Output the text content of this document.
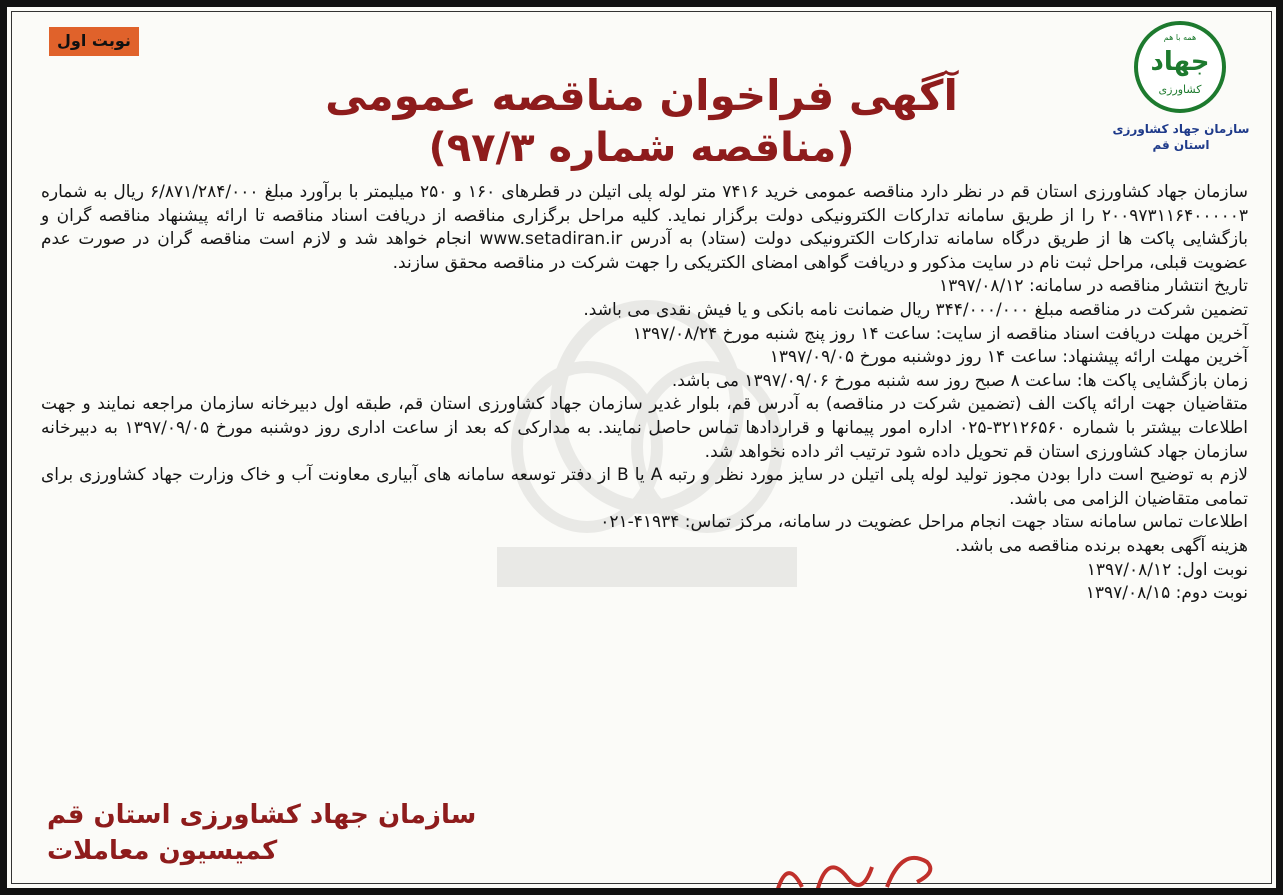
نوبت اول	همه با هم
جهاد
کشاورزی
سازمان جهاد کشاورزی
استان قم
آگهی فراخوان مناقصه عمومی
(مناقصه شماره ۹۷/۳)

سازمان جهاد کشاورزی استان قم در نظر دارد مناقصه عمومی خرید ۷۴۱۶ متر لوله پلی اتیلن در قطرهای ۱۶۰ و ۲۵۰ میلیمتر با برآورد مبلغ ۶/۸۷۱/۲۸۴/۰۰۰ ریال به شماره ۲۰۰۹۷۳۱۱۶۴۰۰۰۰۰۳ را از طریق سامانه تدارکات الکترونیکی دولت برگزار نماید. کلیه مراحل برگزاری مناقصه از دریافت اسناد مناقصه تا ارائه پیشنهاد مناقصه گران و بازگشایی پاکت ها از طریق درگاه سامانه تدارکات الکترونیکی دولت (ستاد) به آدرس www.setadiran.ir انجام خواهد شد و لازم است مناقصه گران در صورت عدم عضویت قبلی، مراحل ثبت نام در سایت مذکور و دریافت گواهی امضای الکتریکی را جهت شرکت در مناقصه محقق سازند.

تاریخ انتشار مناقصه در سامانه: ۱۳۹۷/۰۸/۱۲

تضمین شرکت در مناقصه مبلغ ۳۴۴/۰۰۰/۰۰۰ ریال ضمانت نامه بانکی و یا فیش نقدی می باشد.

آخرین مهلت دریافت اسناد مناقصه از سایت: ساعت ۱۴ روز پنج شنبه مورخ ۱۳۹۷/۰۸/۲۴

آخرین مهلت ارائه پیشنهاد: ساعت ۱۴ روز دوشنبه مورخ ۱۳۹۷/۰۹/۰۵

زمان بازگشایی پاکت ها: ساعت ۸ صبح روز سه شنبه مورخ ۱۳۹۷/۰۹/۰۶ می باشد.

متقاضیان جهت ارائه پاکت الف (تضمین شرکت در مناقصه) به آدرس قم، بلوار غدیر سازمان جهاد کشاورزی استان قم، طبقه اول دبیرخانه سازمان مراجعه نمایند و جهت اطلاعات بیشتر با شماره ۳۲۱۲۶۵۶۰-۰۲۵ اداره امور پیمانها و قراردادها تماس حاصل نمایند. به مدارکی که بعد از ساعت اداری روز دوشنبه مورخ ۱۳۹۷/۰۹/۰۵ به دبیرخانه سازمان جهاد کشاورزی استان قم تحویل داده شود ترتیب اثر داده نخواهد شد.

لازم به توضیح است دارا بودن مجوز تولید لوله پلی اتیلن در سایز مورد نظر و رتبه A یا B از دفتر توسعه سامانه های آبیاری معاونت آب و خاک وزارت جهاد کشاورزی برای تمامی متقاضیان الزامی می باشد.

اطلاعات تماس سامانه ستاد جهت انجام مراحل عضویت در سامانه، مرکز تماس: ۴۱۹۳۴-۰۲۱

هزینه آگهی بعهده برنده مناقصه می باشد.

نوبت اول: ۱۳۹۷/۰۸/۱۲

نوبت دوم: ۱۳۹۷/۰۸/۱۵

سازمان جهاد کشاورزی استان قم
کمیسیون معاملات
